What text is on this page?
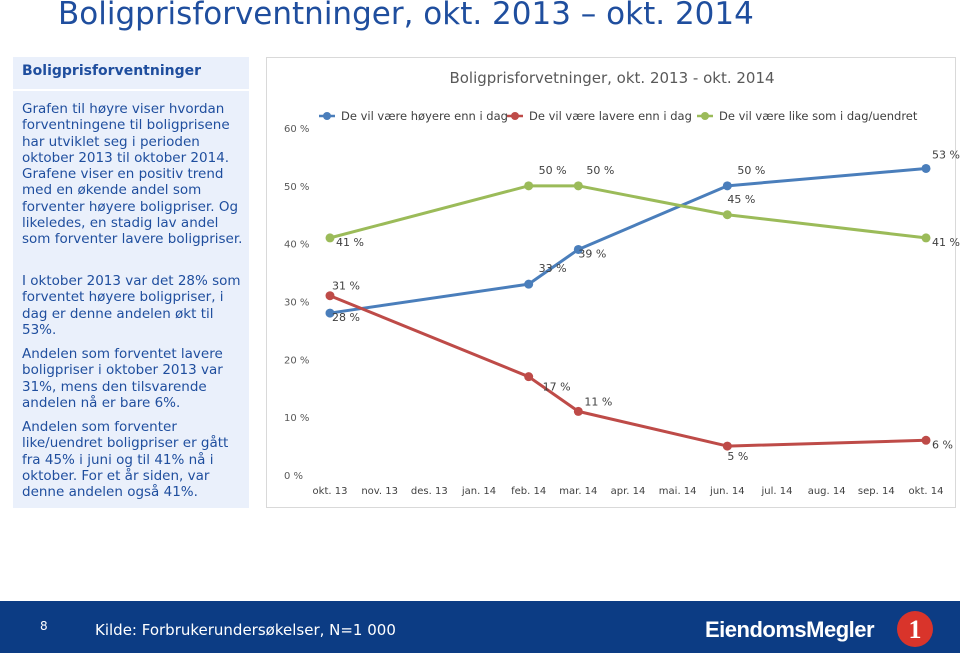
Boligprisforventninger, okt. 2013 – okt. 2014
Boligprisforventninger
Grafen til høyre viser hvordan forventningene til boligprisene har utviklet seg i perioden oktober 2013 til oktober 2014. Grafene viser en positiv trend med en økende andel som forventer høyere boligpriser. Og likeledes, en stadig lav andel som forventer lavere boligpriser.
I oktober 2013 var det 28% som forventet høyere boligpriser, i dag er denne andelen økt til 53%.
Andelen som forventet lavere boligpriser i oktober 2013 var 31%, mens den tilsvarende andelen nå er bare 6%.
Andelen som forventer like/uendret boligpriser er gått fra 45% i juni og til 41% nå i oktober. For et år siden, var denne andelen også 41%.
Boligprisforvetninger, okt. 2013 - okt. 2014
De vil være høyere enn i dag De vil være lavere enn i dag De vil være like som i dag/uendret
0 %
10 %
20 %
30 %
40 %
50 %
60 %
okt. 13 nov. 13 des. 13 jan. 14 feb. 14 mar. 14 apr. 14 mai. 14 jun. 14 jul. 14 aug. 14 sep. 14 okt. 14
28 %
33 %
39 %
50 %
53 %
31 %
17 %
11 %
5 %
6 %
41 %
50 % 50 %
45 %
41 %
8	Kilde: Forbrukerundersøkelser, N=1 000	EiendomsMegler 1
